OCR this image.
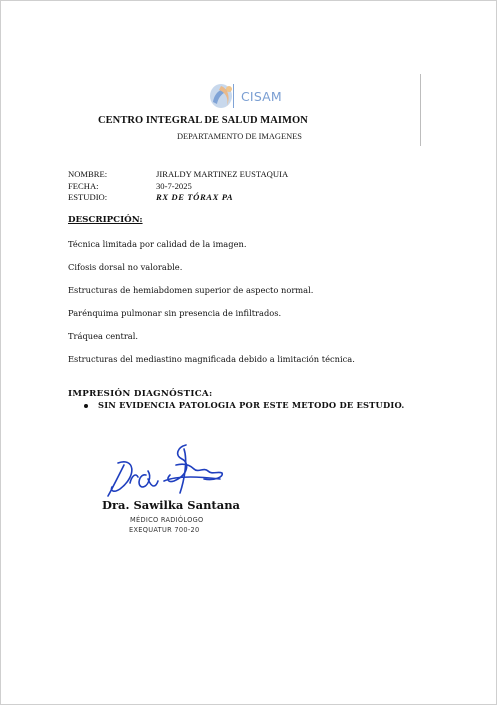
CISAM
CENTRO INTEGRAL DE SALUD MAIMON
DEPARTAMENTO DE IMAGENES
NOMBRE:	JIRALDY MARTINEZ EUSTAQUIA
FECHA:	30-7-2025
ESTUDIO:	RX DE TÓRAX PA
DESCRIPCIÓN:
Técnica limitada por calidad de la imagen.
Cifosis dorsal no valorable.
Estructuras de hemiabdomen superior de aspecto normal.
Parénquima pulmonar sin presencia de infiltrados.
Tráquea central.
Estructuras del mediastino magnificada debido a limitación técnica.
IMPRESIÓN DIAGNÓSTICA:
SIN EVIDENCIA PATOLOGIA POR ESTE METODO DE ESTUDIO.
Dra. Sawilka Santana
MÉDICO RADIÓLOGO
EXEQUATUR 700-20
